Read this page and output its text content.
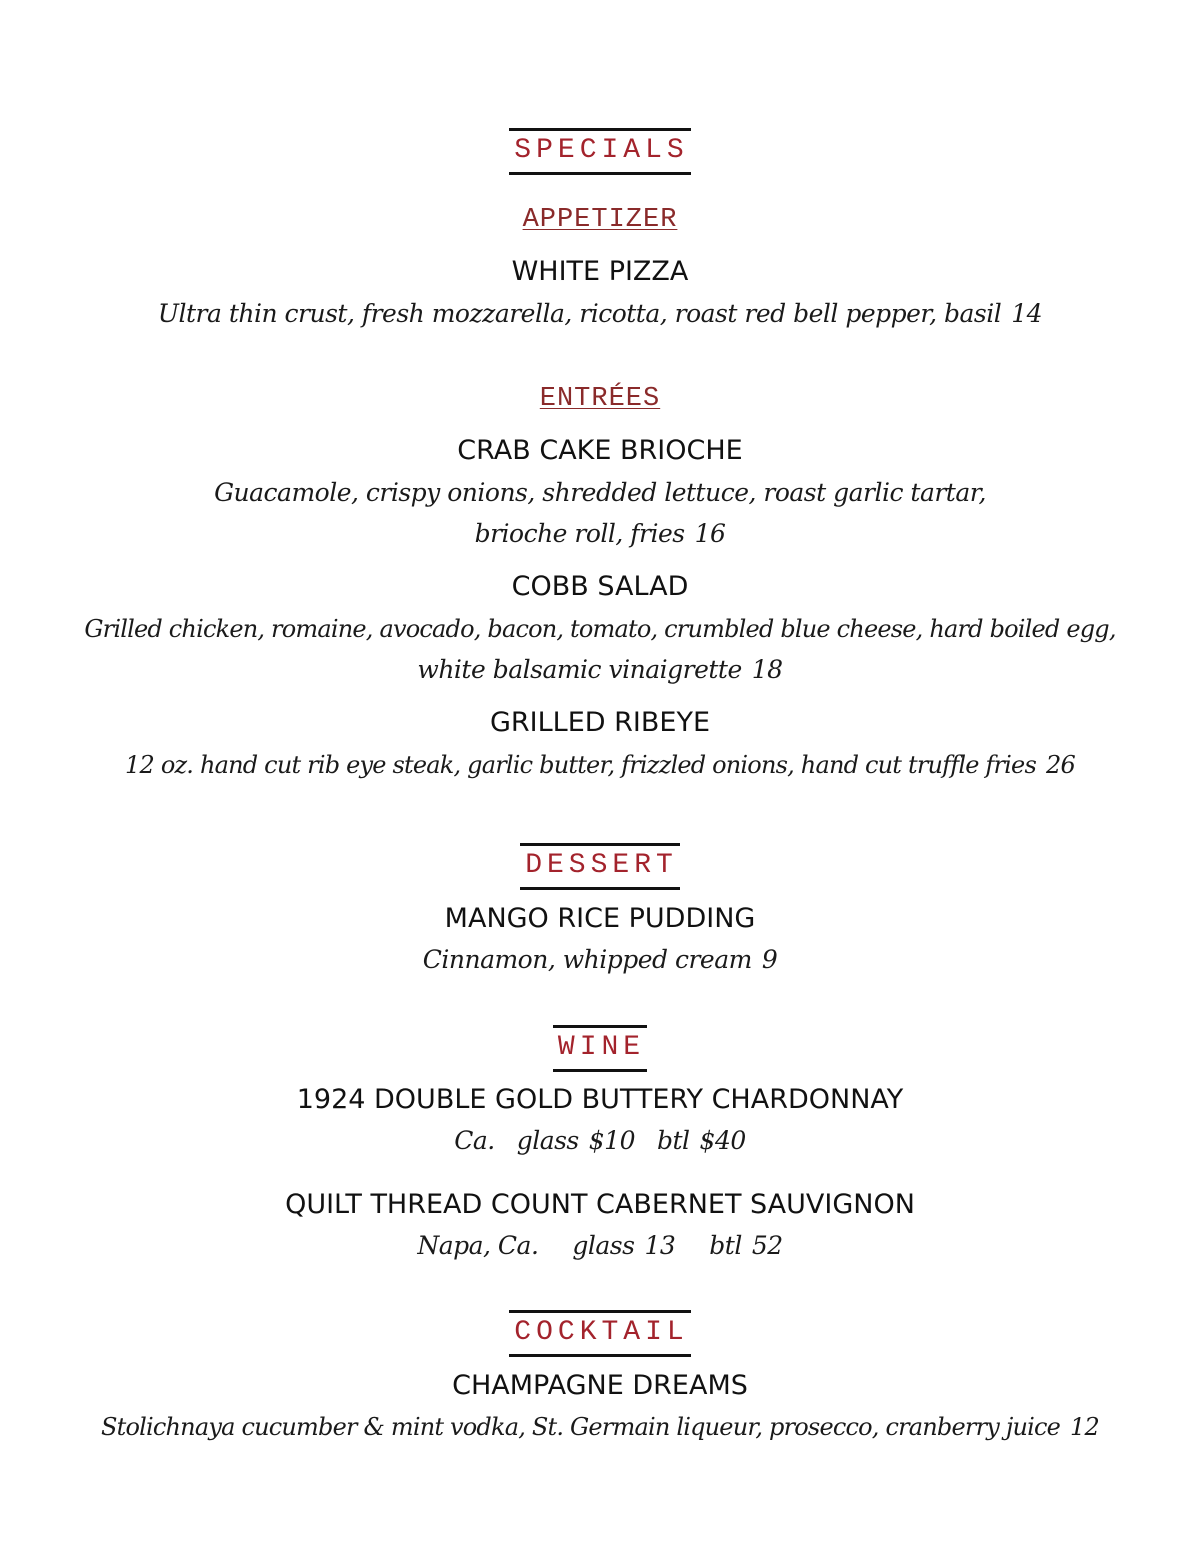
SPECIALS
APPETIZER
WHITE PIZZA
Ultra thin crust, fresh mozzarella, ricotta, roast red bell pepper, basil 14
ENTRÉES
CRAB CAKE BRIOCHE
Guacamole, crispy onions, shredded lettuce, roast garlic tartar,
brioche roll, fries 16
COBB SALAD
Grilled chicken, romaine, avocado, bacon, tomato, crumbled blue cheese, hard boiled egg,
white balsamic vinaigrette 18
GRILLED RIBEYE
12 oz. hand cut rib eye steak, garlic butter, frizzled onions, hand cut truffle fries 26
DESSERT
MANGO RICE PUDDING
Cinnamon, whipped cream 9
WINE
1924 DOUBLE GOLD BUTTERY CHARDONNAY
Ca. glass $10 btl $40
QUILT THREAD COUNT CABERNET SAUVIGNON
Napa, Ca. glass 13 btl 52
COCKTAIL
CHAMPAGNE DREAMS
Stolichnaya cucumber & mint vodka, St. Germain liqueur, prosecco, cranberry juice 12
